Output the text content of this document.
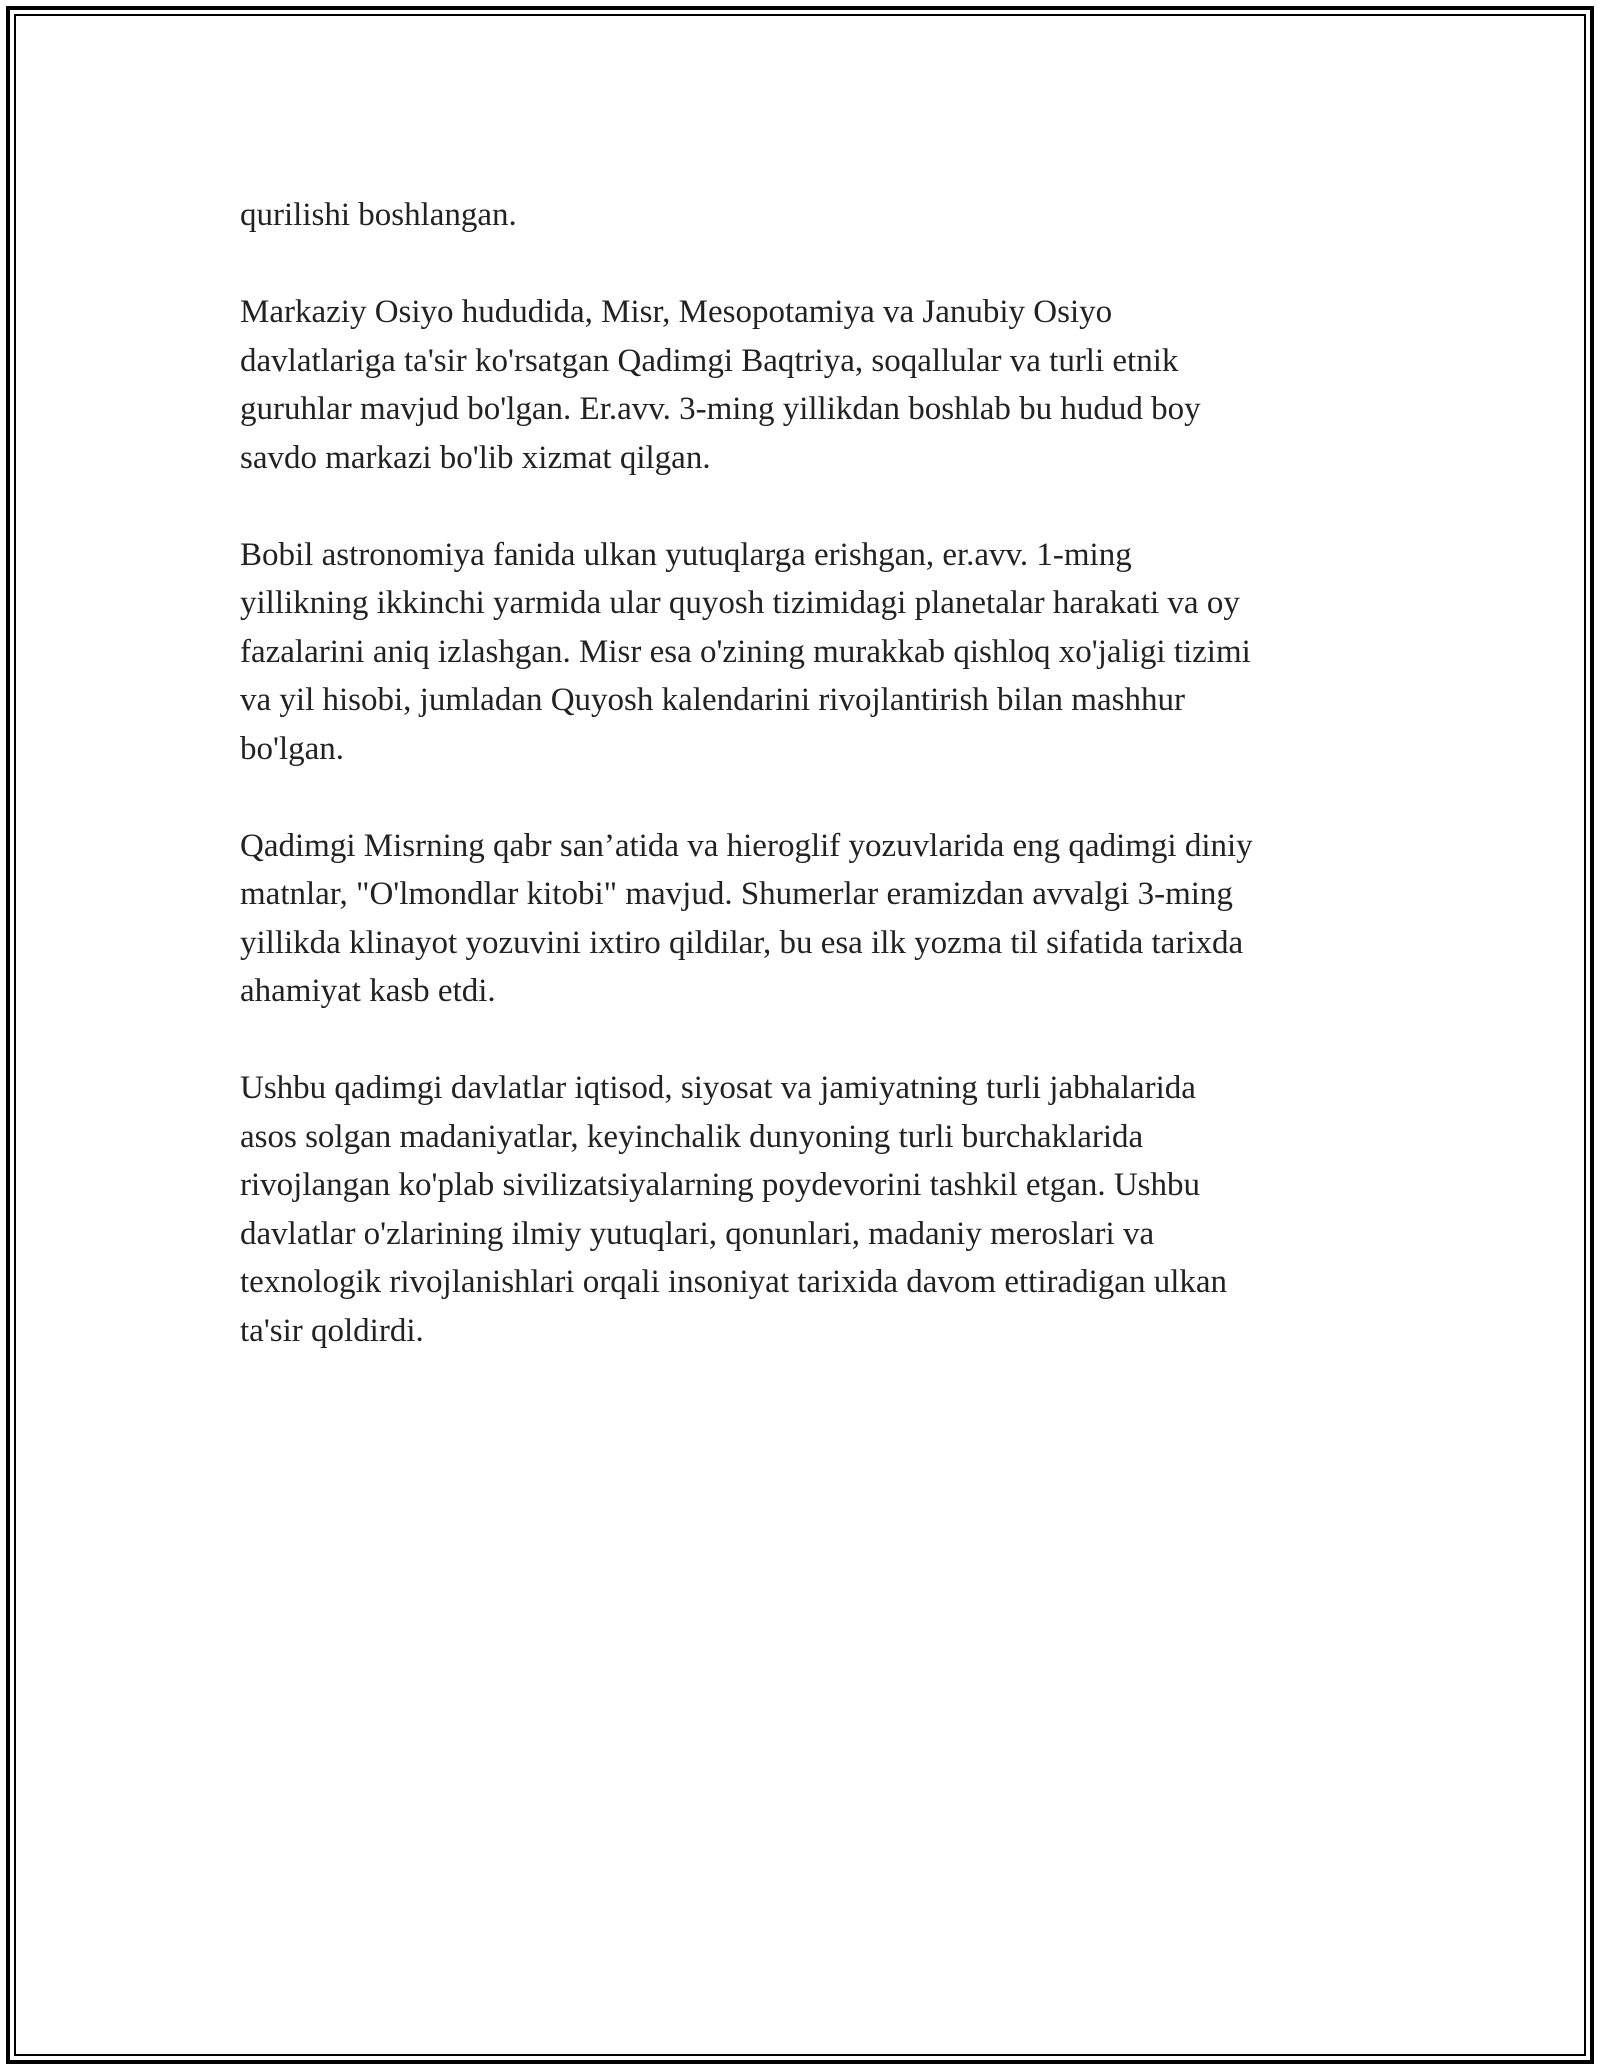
qurilishi boshlangan.

Markaziy Osiyo hududida, Misr, Mesopotamiya va Janubiy Osiyo
davlatlariga ta'sir ko'rsatgan Qadimgi Baqtriya, soqallular va turli etnik
guruhlar mavjud bo'lgan. Er.avv. 3-ming yillikdan boshlab bu hudud boy
savdo markazi bo'lib xizmat qilgan.

Bobil astronomiya fanida ulkan yutuqlarga erishgan, er.avv. 1-ming
yillikning ikkinchi yarmida ular quyosh tizimidagi planetalar harakati va oy
fazalarini aniq izlashgan. Misr esa o'zining murakkab qishloq xo'jaligi tizimi
va yil hisobi, jumladan Quyosh kalendarini rivojlantirish bilan mashhur
bo'lgan.

Qadimgi Misrning qabr san’atida va hieroglif yozuvlarida eng qadimgi diniy
matnlar, "O'lmondlar kitobi" mavjud. Shumerlar eramizdan avvalgi 3-ming
yillikda klinayot yozuvini ixtiro qildilar, bu esa ilk yozma til sifatida tarixda
ahamiyat kasb etdi.

Ushbu qadimgi davlatlar iqtisod, siyosat va jamiyatning turli jabhalarida
asos solgan madaniyatlar, keyinchalik dunyoning turli burchaklarida
rivojlangan ko'plab sivilizatsiyalarning poydevorini tashkil etgan. Ushbu
davlatlar o'zlarining ilmiy yutuqlari, qonunlari, madaniy meroslari va
texnologik rivojlanishlari orqali insoniyat tarixida davom ettiradigan ulkan
ta'sir qoldirdi.
